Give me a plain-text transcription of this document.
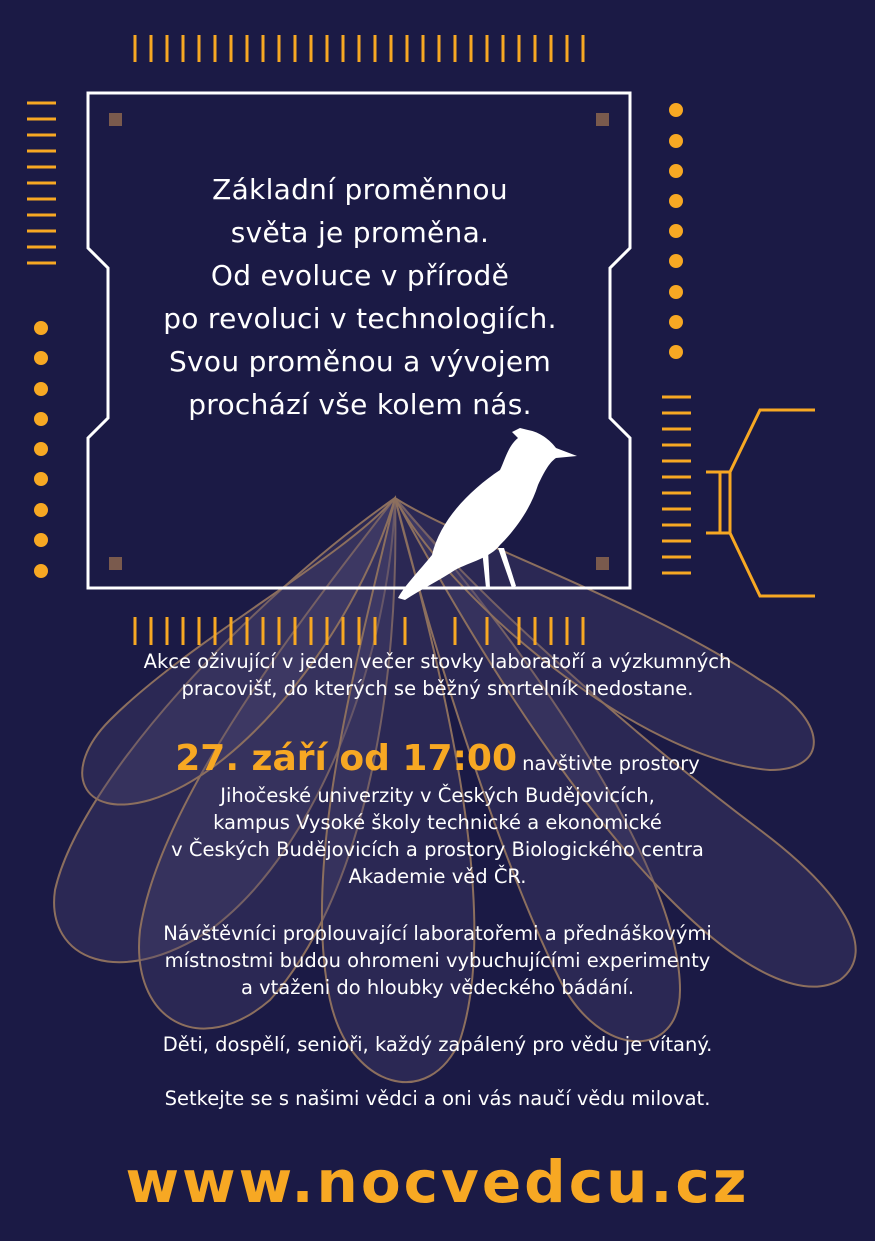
Základní proměnnou
světa je proměna.
Od evoluce v přírodě
po revoluci v technologiích.
Svou proměnou a vývojem
prochází vše kolem nás.
Akce oživující v jeden večer stovky laboratoří a výzkumných
pracovišť, do kterých se běžný smrtelník nedostane.
27. září od 17:00 navštivte prostory
Jihočeské univerzity v Českých Budějovicích,
kampus Vysoké školy technické a ekonomické
v Českých Budějovicích a prostory Biologického centra
Akademie věd ČR.
Návštěvníci proplouvající laboratořemi a přednáškovými
místnostmi budou ohromeni vybuchujícími experimenty
a vtaženi do hloubky vědeckého bádání.
Děti, dospělí, senioři, každý zapálený pro vědu je vítaný.
Setkejte se s našimi vědci a oni vás naučí vědu milovat.
www.nocvedcu.cz
